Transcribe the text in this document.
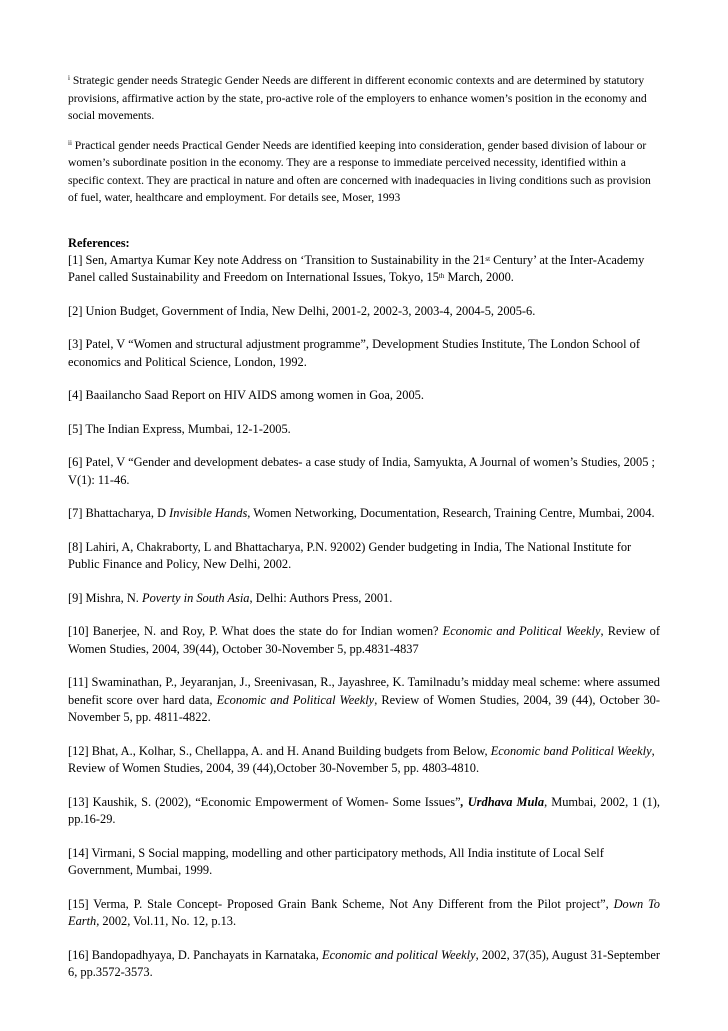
$^i$ Strategic gender needs Strategic Gender Needs are different in different economic contexts and are determined by statutory provisions, affirmative action by the state, pro-active role of the employers to enhance women’s position in the economy and social movements.

$^{ii}$ Practical gender needs Practical Gender Needs are identified keeping into consideration, gender based division of labour or women’s subordinate position in the economy. They are a response to immediate perceived necessity, identified within a specific context. They are practical in nature and often are concerned with inadequacies in living conditions such as provision of fuel, water, healthcare and employment. For details see, Moser, 1993

References:

[1] Sen, Amartya Kumar Key note Address on ‘Transition to Sustainability in the 21st Century’ at the Inter-Academy Panel called Sustainability and Freedom on International Issues, Tokyo, 15th March, 2000.

[2] Union Budget, Government of India, New Delhi, 2001-2, 2002-3, 2003-4, 2004-5, 2005-6.

[3] Patel, V “Women and structural adjustment programme”, Development Studies Institute, The London School of economics and Political Science, London, 1992.

[4] Baailancho Saad Report on HIV AIDS among women in Goa, 2005.

[5] The Indian Express, Mumbai, 12-1-2005.

[6] Patel, V “Gender and development debates- a case study of India, Samyukta, A Journal of women’s Studies, 2005 ; V(1): 11-46.

[7] Bhattacharya, D Invisible Hands, Women Networking, Documentation, Research, Training Centre, Mumbai, 2004.

[8] Lahiri, A, Chakraborty, L and Bhattacharya, P.N. 92002) Gender budgeting in India, The National Institute for Public Finance and Policy, New Delhi, 2002.

[9] Mishra, N. Poverty in South Asia, Delhi: Authors Press, 2001.

[10] Banerjee, N. and Roy, P. What does the state do for Indian women? Economic and Political Weekly, Review of Women Studies, 2004, 39(44), October 30-November 5, pp.4831-4837

[11] Swaminathan, P., Jeyaranjan, J., Sreenivasan, R., Jayashree, K. Tamilnadu’s midday meal scheme: where assumed benefit score over hard data, Economic and Political Weekly, Review of Women Studies, 2004, 39 (44), October 30-November 5, pp. 4811-4822.

[12] Bhat, A., Kolhar, S., Chellappa, A. and H. Anand Building budgets from Below, Economic band Political Weekly, Review of Women Studies, 2004, 39 (44),October 30-November 5, pp. 4803-4810.

[13] Kaushik, S. (2002), “Economic Empowerment of Women- Some Issues”, Urdhava Mula, Mumbai, 2002, 1 (1), pp.16-29.

[14] Virmani, S Social mapping, modelling and other participatory methods, All India institute of Local Self Government, Mumbai, 1999.

[15] Verma, P. Stale Concept- Proposed Grain Bank Scheme, Not Any Different from the Pilot project”, Down To Earth, 2002, Vol.11, No. 12, p.13.

[16] Bandopadhyaya, D. Panchayats in Karnataka, Economic and political Weekly, 2002, 37(35), August 31-September 6, pp.3572-3573.
